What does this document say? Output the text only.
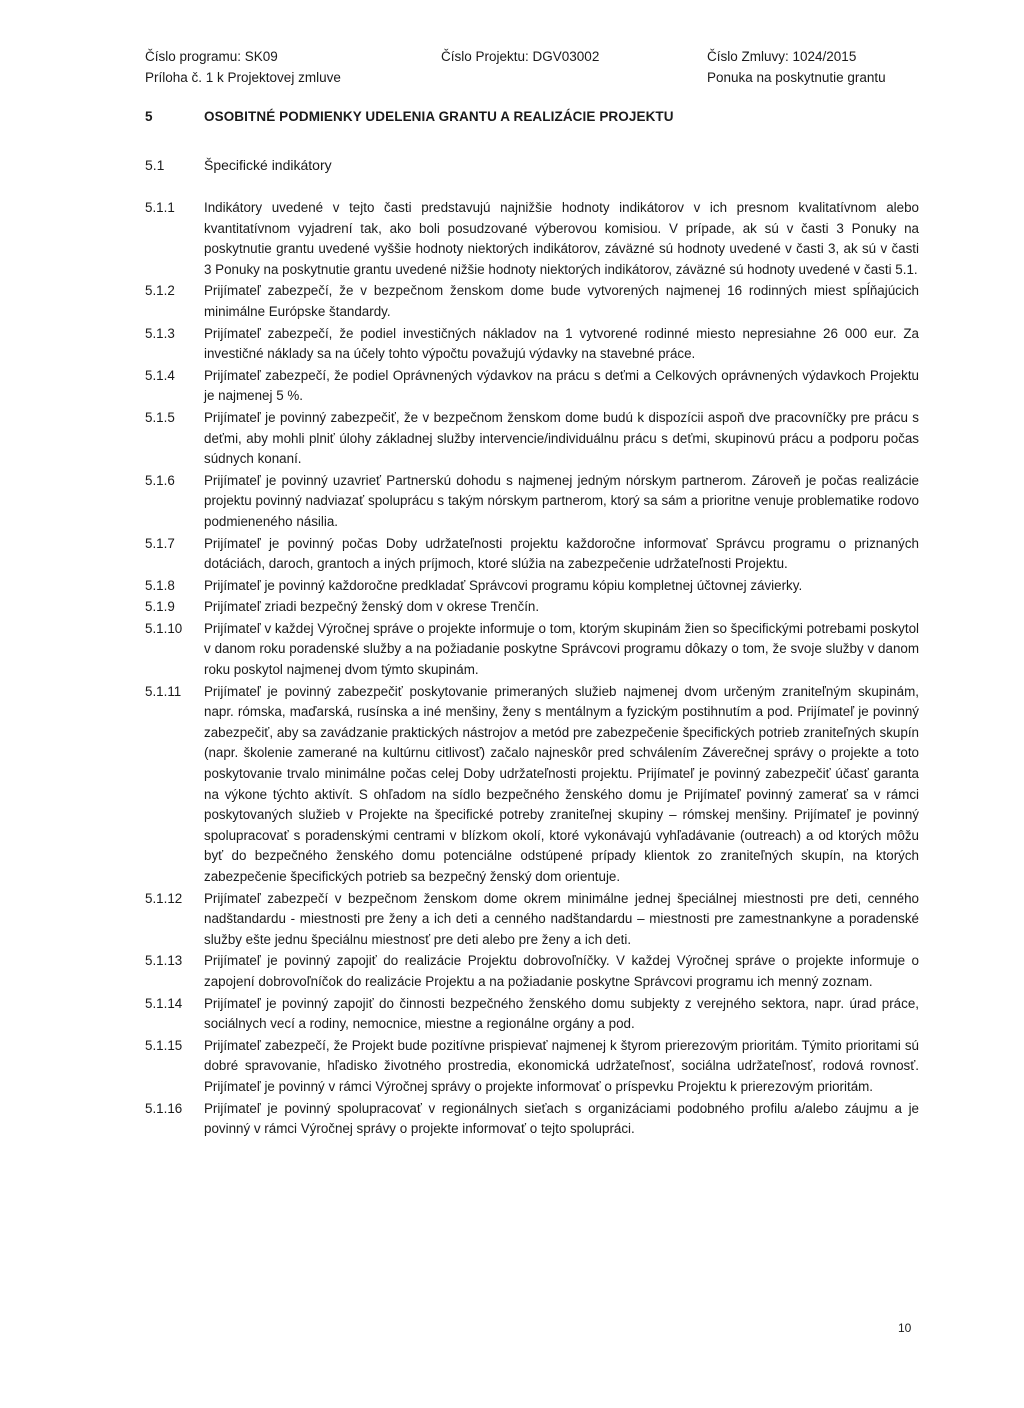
Číslo programu: SK09	Číslo Projektu: DGV03002	Číslo Zmluvy: 1024/2015
Príloha č. 1 k Projektovej zmluve	Ponuka na poskytnutie grantu
5	OSOBITNÉ PODMIENKY UDELENIA GRANTU A REALIZÁCIE PROJEKTU
5.1	Špecifické indikátory
5.1.1	Indikátory uvedené v tejto časti predstavujú najnižšie hodnoty indikátorov v ich presnom kvalitatívnom alebo kvantitatívnom vyjadrení tak, ako boli posudzované výberovou komisiou. V prípade, ak sú v časti 3 Ponuky na poskytnutie grantu uvedené vyššie hodnoty niektorých indikátorov, záväzné sú hodnoty uvedené v časti 3, ak sú v časti 3 Ponuky na poskytnutie grantu uvedené nižšie hodnoty niektorých indikátorov, záväzné sú hodnoty uvedené v časti 5.1.
5.1.2	Prijímateľ zabezpečí, že v bezpečnom ženskom dome bude vytvorených najmenej 16 rodinných miest spĺňajúcich minimálne Európske štandardy.
5.1.3	Prijímateľ zabezpečí, že podiel investičných nákladov na 1 vytvorené rodinné miesto nepresiahne 26 000 eur. Za investičné náklady sa na účely tohto výpočtu považujú výdavky na stavebné práce.
5.1.4	Prijímateľ zabezpečí, že podiel Oprávnených výdavkov na prácu s deťmi a Celkových oprávnených výdavkoch Projektu je najmenej 5 %.
5.1.5	Prijímateľ je povinný zabezpečiť, že v bezpečnom ženskom dome budú k dispozícii aspoň dve pracovníčky pre prácu s deťmi, aby mohli plniť úlohy základnej služby intervencie/individuálnu prácu s deťmi, skupinovú prácu a podporu počas súdnych konaní.
5.1.6	Prijímateľ je povinný uzavrieť Partnerskú dohodu s najmenej jedným nórskym partnerom. Zároveň je počas realizácie projektu povinný nadviazať spoluprácu s takým nórskym partnerom, ktorý sa sám a prioritne venuje problematike rodovo podmieneného násilia.
5.1.7	Prijímateľ je povinný počas Doby udržateľnosti projektu každoročne informovať Správcu programu o priznaných dotáciách, daroch, grantoch a iných príjmoch, ktoré slúžia na zabezpečenie udržateľnosti Projektu.
5.1.8	Prijímateľ je povinný každoročne predkladať Správcovi programu kópiu kompletnej účtovnej závierky.
5.1.9	Prijímateľ zriadi bezpečný ženský dom v okrese Trenčín.
5.1.10	Prijímateľ v každej Výročnej správe o projekte informuje o tom, ktorým skupinám žien so špecifickými potrebami poskytol v danom roku poradenské služby a na požiadanie poskytne Správcovi programu dôkazy o tom, že svoje služby v danom roku poskytol najmenej dvom týmto skupinám.
5.1.11	Prijímateľ je povinný zabezpečiť poskytovanie primeraných služieb najmenej dvom určeným zraniteľným skupinám, napr. rómska, maďarská, rusínska a iné menšiny, ženy s mentálnym a fyzickým postihnutím a pod. Prijímateľ je povinný zabezpečiť, aby sa zavádzanie praktických nástrojov a metód pre zabezpečenie špecifických potrieb zraniteľných skupín (napr. školenie zamerané na kultúrnu citlivosť) začalo najneskôr pred schválením Záverečnej správy o projekte a toto poskytovanie trvalo minimálne počas celej Doby udržateľnosti projektu. Prijímateľ je povinný zabezpečiť účasť garanta na výkone týchto aktivít. S ohľadom na sídlo bezpečného ženského domu je Prijímateľ povinný zamerať sa v rámci poskytovaných služieb v Projekte na špecifické potreby zraniteľnej skupiny – rómskej menšiny. Prijímateľ je povinný spolupracovať s poradenskými centrami v blízkom okolí, ktoré vykonávajú vyhľadávanie (outreach) a od ktorých môžu byť do bezpečného ženského domu potenciálne odstúpené prípady klientok zo zraniteľných skupín, na ktorých zabezpečenie špecifických potrieb sa bezpečný ženský dom orientuje.
5.1.12	Prijímateľ zabezpečí v bezpečnom ženskom dome okrem minimálne jednej špeciálnej miestnosti pre deti, cenného nadštandardu - miestnosti pre ženy a ich deti a cenného nadštandardu – miestnosti pre zamestnankyne a poradenské služby ešte jednu špeciálnu miestnosť pre deti alebo pre ženy a ich deti.
5.1.13	Prijímateľ je povinný zapojiť do realizácie Projektu dobrovoľníčky. V každej Výročnej správe o projekte informuje o zapojení dobrovoľníčok do realizácie Projektu a na požiadanie poskytne Správcovi programu ich menný zoznam.
5.1.14	Prijímateľ je povinný zapojiť do činnosti bezpečného ženského domu subjekty z verejného sektora, napr. úrad práce, sociálnych vecí a rodiny, nemocnice, miestne a regionálne orgány a pod.
5.1.15	Prijímateľ zabezpečí, že Projekt bude pozitívne prispievať najmenej k štyrom prierezovým prioritám. Týmito prioritami sú dobré spravovanie, hľadisko životného prostredia, ekonomická udržateľnosť, sociálna udržateľnosť, rodová rovnosť. Prijímateľ je povinný v rámci Výročnej správy o projekte informovať o príspevku Projektu k prierezovým prioritám.
5.1.16	Prijímateľ je povinný spolupracovať v regionálnych sieťach s organizáciami podobného profilu a/alebo záujmu a je povinný v rámci Výročnej správy o projekte informovať o tejto spolupráci.
10
